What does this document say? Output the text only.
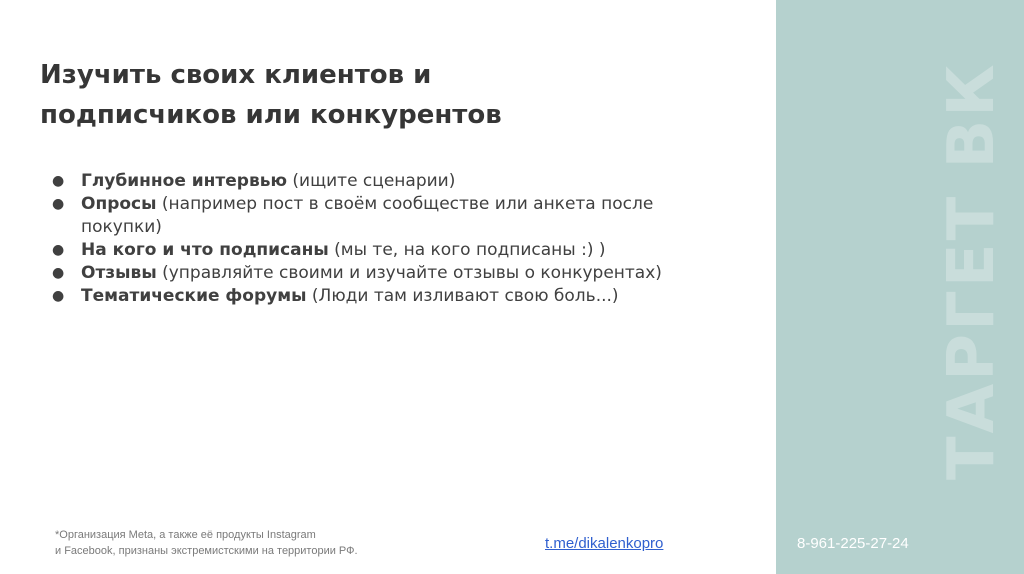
ТАРГЕТ ВК
Изучить своих клиентов и
подписчиков или конкурентов
● Глубинное интервью (ищите сценарии)
● Опросы (например пост в своём сообществе или анкета после покупки)
● На кого и что подписаны (мы те, на кого подписаны :) )
● Отзывы (управляйте своими и изучайте отзывы о конкурентах)
● Тематические форумы (Люди там изливают свою боль...)
*Организация Meta, а также её продукты Instagram
и Facebook, признаны экстремистскими на территории РФ.	t.me/dikalenkopro	8-961-225-27-24
